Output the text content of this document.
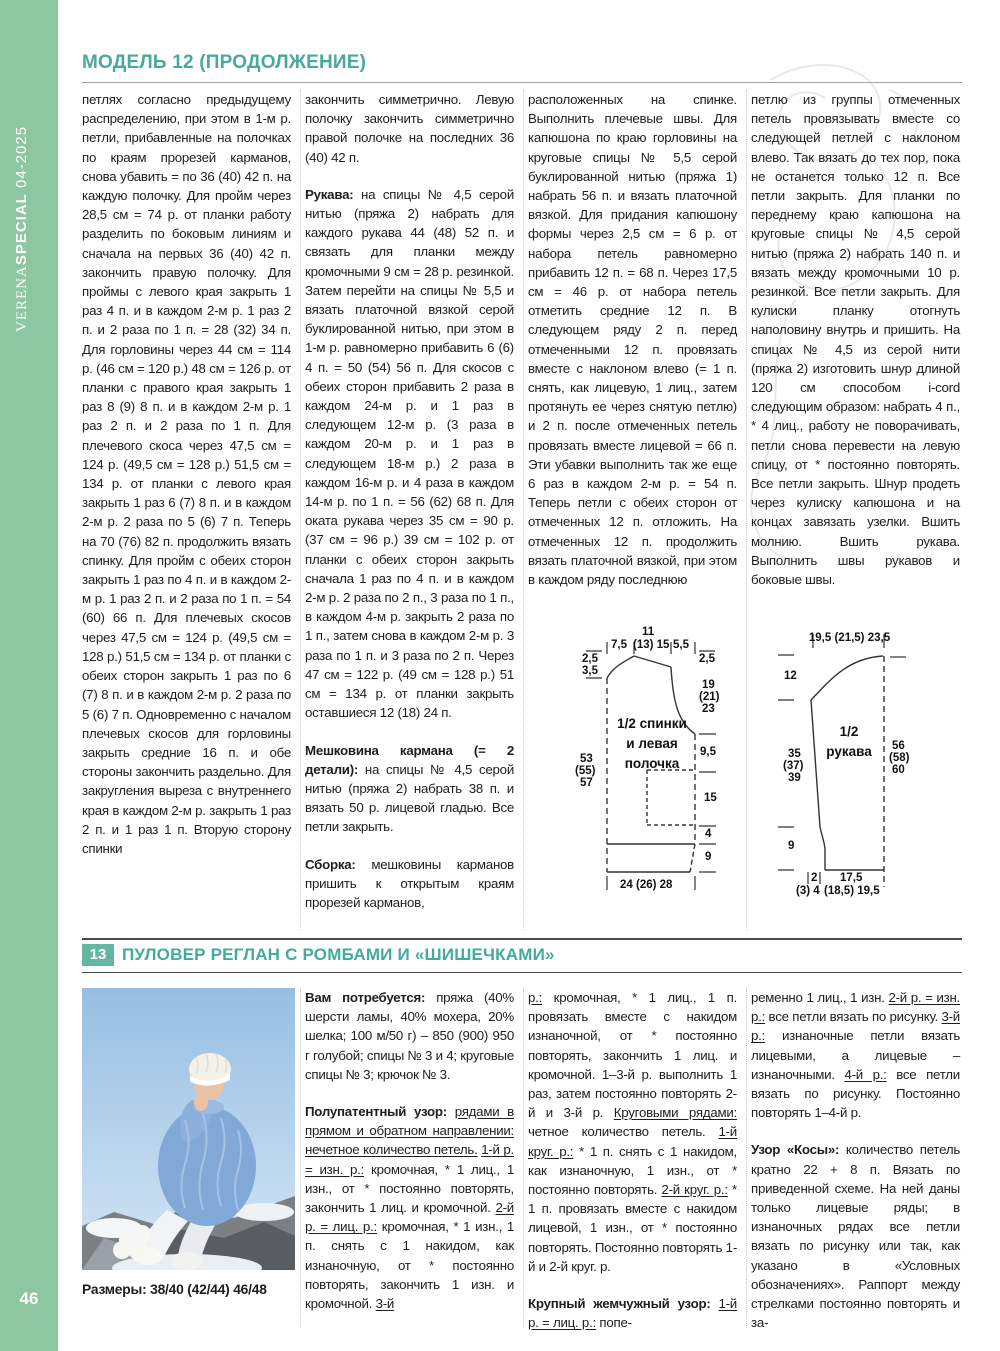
VERENASPECIAL 04-2025
46
МОДЕЛЬ 12 (ПРОДОЛЖЕНИЕ)

петлях согласно предыдущему распределению, при этом в 1-м р. петли, прибавленные на полочках по краям прорезей карманов, снова убавить = по 36 (40) 42 п. на каждую полочку. Для пройм через 28,5 см = 74 р. от планки работу разделить по боковым линиям и сначала на первых 36 (40) 42 п. закончить правую полочку. Для проймы с левого края закрыть 1 раз 4 п. и в каждом 2-м р. 1 раз 2 п. и 2 раза по 1 п. = 28 (32) 34 п. Для горловины через 44 см = 114 р. (46 см = 120 р.) 48 см = 126 р. от планки с правого края закрыть 1 раз 8 (9) 8 п. и в каждом 2-м р. 1 раз 2 п. и 2 раза по 1 п. Для плечевого скоса через 47,5 см = 124 р. (49,5 см = 128 р.) 51,5 см = 134 р. от планки с левого края закрыть 1 раз 6 (7) 8 п. и в каждом 2-м р. 2 раза по 5 (6) 7 п. Теперь на 70 (76) 82 п. продолжить вязать спинку. Для пройм с обеих сторон закрыть 1 раз по 4 п. и в каждом 2-м р. 1 раз 2 п. и 2 раза по 1 п. = 54 (60) 66 п. Для плечевых скосов через 47,5 см = 124 р. (49,5 см = 128 р.) 51,5 см = 134 р. от планки с обеих сторон закрыть 1 раз по 6 (7) 8 п. и в каждом 2-м р. 2 раза по 5 (6) 7 п. Одновременно с началом плечевых скосов для горловины закрыть средние 16 п. и обе стороны закончить раздельно. Для закругления выреза с внутреннего края в каждом 2-м р. закрыть 1 раз 2 п. и 1 раз 1 п. Вторую сторону спинки

закончить симметрично. Левую полочку закончить симметрично правой полочке на последних 36 (40) 42 п.

Рукава: на спицы № 4,5 серой нитью (пряжа 2) набрать для каждого рукава 44 (48) 52 п. и связать для планки между кромочными 9 см = 28 р. резинкой. Затем перейти на спицы № 5,5 и вязать платочной вязкой серой буклированной нитью, при этом в 1-м р. равномерно прибавить 6 (6) 4 п. = 50 (54) 56 п. Для скосов с обеих сторон прибавить 2 раза в каждом 24-м р. и 1 раз в следующем 12-м р. (3 раза в каждом 20-м р. и 1 раз в следующем 18-м р.) 2 раза в каждом 16-м р. и 4 раза в каждом 14-м р. по 1 п. = 56 (62) 68 п. Для оката рукава через 35 см = 90 р. (37 см = 96 р.) 39 см = 102 р. от планки с обеих сторон закрыть сначала 1 раз по 4 п. и в каждом 2-м р. 2 раза по 2 п., 3 раза по 1 п., в каждом 4-м р. закрыть 2 раза по 1 п., затем снова в каждом 2-м р. 3 раза по 1 п. и 3 раза по 2 п. Через 47 см = 122 р. (49 см = 128 р.) 51 см = 134 р. от планки закрыть оставшиеся 12 (18) 24 п.

Мешковина кармана (= 2 детали): на спицы № 4,5 серой нитью (пряжа 2) набрать 38 п. и вязать 50 р. лицевой гладью. Все петли закрыть.

Сборка: мешковины карманов пришить к открытым краям прорезей карманов,

расположенных на спинке. Выполнить плечевые швы. Для капюшона по краю горловины на круговые спицы № 5,5 серой буклированной нитью (пряжа 1) набрать 56 п. и вязать платочной вязкой. Для придания капюшону формы через 2,5 см = 6 р. от набора петель равномерно прибавить 12 п. = 68 п. Через 17,5 см = 46 р. от набора петель отметить средние 12 п. В следующем ряду 2 п. перед отмеченными 12 п. провязать вместе с наклоном влево (= 1 п. снять, как лицевую, 1 лиц., затем протянуть ее через снятую петлю) и 2 п. после отмеченных петель провязать вместе лицевой = 66 п. Эти убавки выполнить так же еще 6 раз в каждом 2-м р. = 54 п. Теперь петли с обеих сторон от отмеченных 12 п. отложить. На отмеченных 12 п. продолжить вязать платочной вязкой, при этом в каждом ряду последнюю

петлю из группы отмеченных петель провязывать вместе со следующей петлей с наклоном влево. Так вязать до тех пор, пока не останется только 12 п. Все петли закрыть. Для планки по переднему краю капюшона на круговые спицы № 4,5 серой нитью (пряжа 2) набрать 140 п. и вязать между кромочными 10 р. резинкой. Все петли закрыть. Для кулиски планку отогнуть наполовину внутрь и пришить. На спицах № 4,5 из серой нити (пряжа 2) изготовить шнур длиной 120 см способом i-cord следующим образом: набрать 4 п., * 4 лиц., работу не поворачивать, петли снова перевести на левую спицу, от * постоянно повторять. Все петли закрыть. Шнур продеть через кулиску капюшона и на концах завязать узелки. Вшить молнию. Вшить рукава. Выполнить швы рукавов и боковые швы.

11
7,5 (13) 15 5,5
2,5
3,5
2,5
19
(21)
23
1/2 спинки
и левая
полочка
9,5
15
4
9
53
(55)
57
24 (26) 28
19,5 (21,5) 23,5
12
35
(37)
39
9
56
(58)
60
1/2
рукава
2
(3) 4
17,5
(18,5) 19,5
13 ПУЛОВЕР РЕГЛАН С РОМБАМИ И «ШИШЕЧКАМИ»

Размеры: 38/40 (42/44) 46/48

Вам потребуется: пряжа (40% шерсти ламы, 40% мохера, 20% шелка; 100 м/50 г) – 850 (900) 950 г голубой; спицы № 3 и 4; круговые спицы № 3; крючок № 3.

Полупатентный узор: рядами в прямом и обратном направлении: нечетное количество петель. 1-й р. = изн. р.: кромочная, * 1 лиц., 1 изн., от * постоянно повторять, закончить 1 лиц. и кромочной. 2-й р. = лиц. р.: кромочная, * 1 изн., 1 п. снять с 1 накидом, как изнаночную, от * постоянно повторять, закончить 1 изн. и кромочной. 3-й

р.: кромочная, * 1 лиц., 1 п. провязать вместе с накидом изнаночной, от * постоянно повторять, закончить 1 лиц. и кромочной. 1–3-й р. выполнить 1 раз, затем постоянно повторять 2-й и 3-й р. Круговыми рядами: четное количество петель. 1-й круг. р.: * 1 п. снять с 1 накидом, как изнаночную, 1 изн., от * постоянно повторять. 2-й круг. р.: * 1 п. провязать вместе с накидом лицевой, 1 изн., от * постоянно повторять. Постоянно повторять 1-й и 2-й круг. р.

Крупный жемчужный узор: 1-й р. = лиц. р.: попе-

ременно 1 лиц., 1 изн. 2-й р. = изн. р.: все петли вязать по рисунку. 3-й р.: изнаночные петли вязать лицевыми, а лицевые – изнаночными. 4-й р.: все петли вязать по рисунку. Постоянно повторять 1–4-й р.

Узор «Косы»: количество петель кратно 22 + 8 п. Вязать по приведенной схеме. На ней даны только лицевые ряды; в изнаночных рядах все петли вязать по рисунку или так, как указано в «Условных обозначениях». Раппорт между стрелками постоянно повторять и за-
